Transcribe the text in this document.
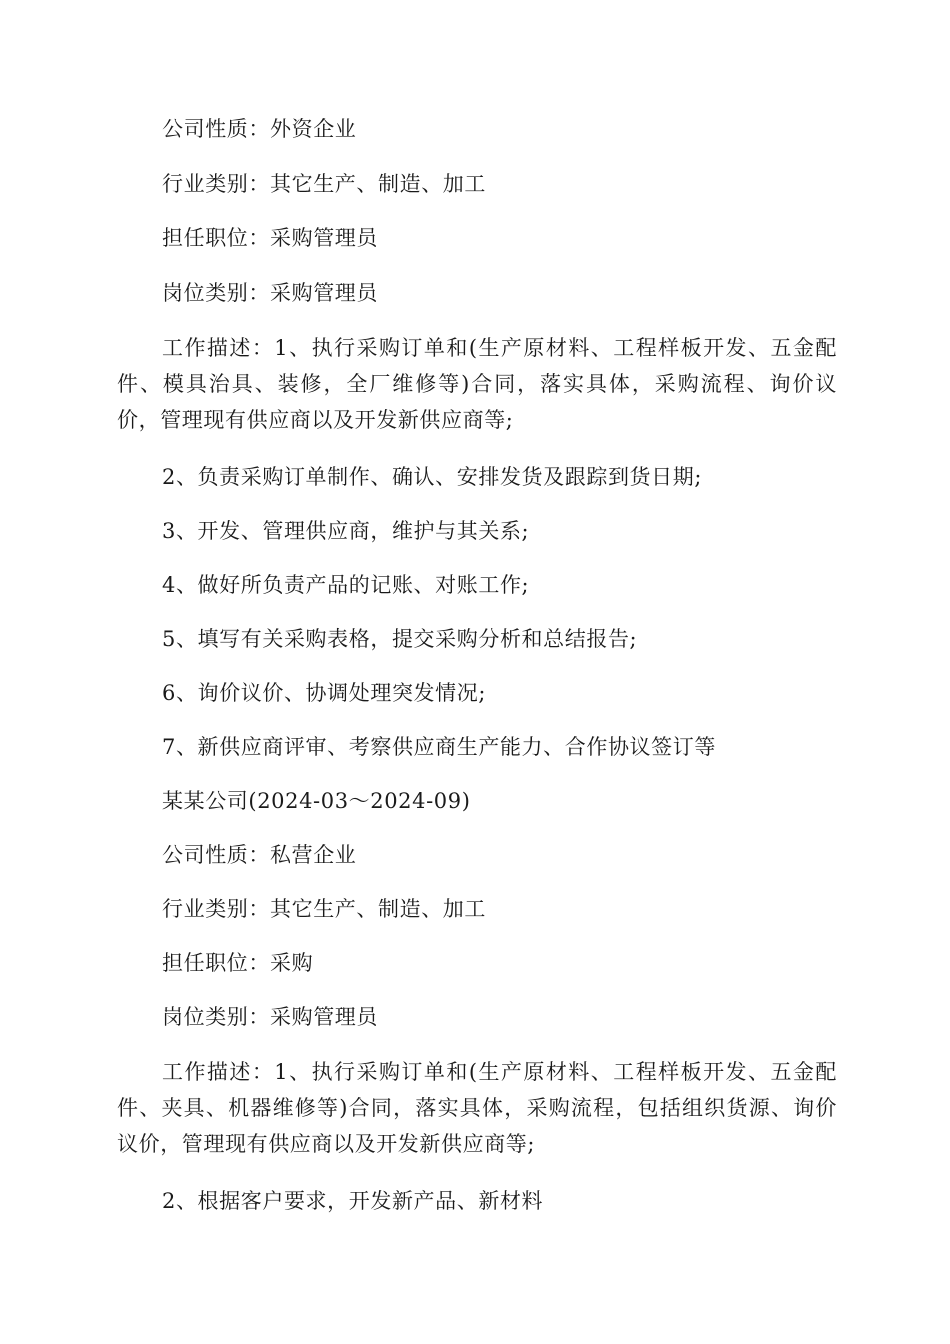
公司性质：外资企业
行业类别：其它生产、制造、加工
担任职位：采购管理员
岗位类别：采购管理员
工作描述：1、执行采购订单和(生产原材料、工程样板开发、五金配件、模具治具、装修，全厂维修等)合同，落实具体，采购流程、询价议价，管理现有供应商以及开发新供应商等;
2、负责采购订单制作、确认、安排发货及跟踪到货日期;
3、开发、管理供应商，维护与其关系;
4、做好所负责产品的记账、对账工作;
5、填写有关采购表格，提交采购分析和总结报告;
6、询价议价、协调处理突发情况;
7、新供应商评审、考察供应商生产能力、合作协议签订等
某某公司(2024-03～2024-09)
公司性质：私营企业
行业类别：其它生产、制造、加工
担任职位：采购
岗位类别：采购管理员
工作描述：1、执行采购订单和(生产原材料、工程样板开发、五金配件、夹具、机器维修等)合同，落实具体，采购流程，包括组织货源、询价议价，管理现有供应商以及开发新供应商等;
2、根据客户要求，开发新产品、新材料
